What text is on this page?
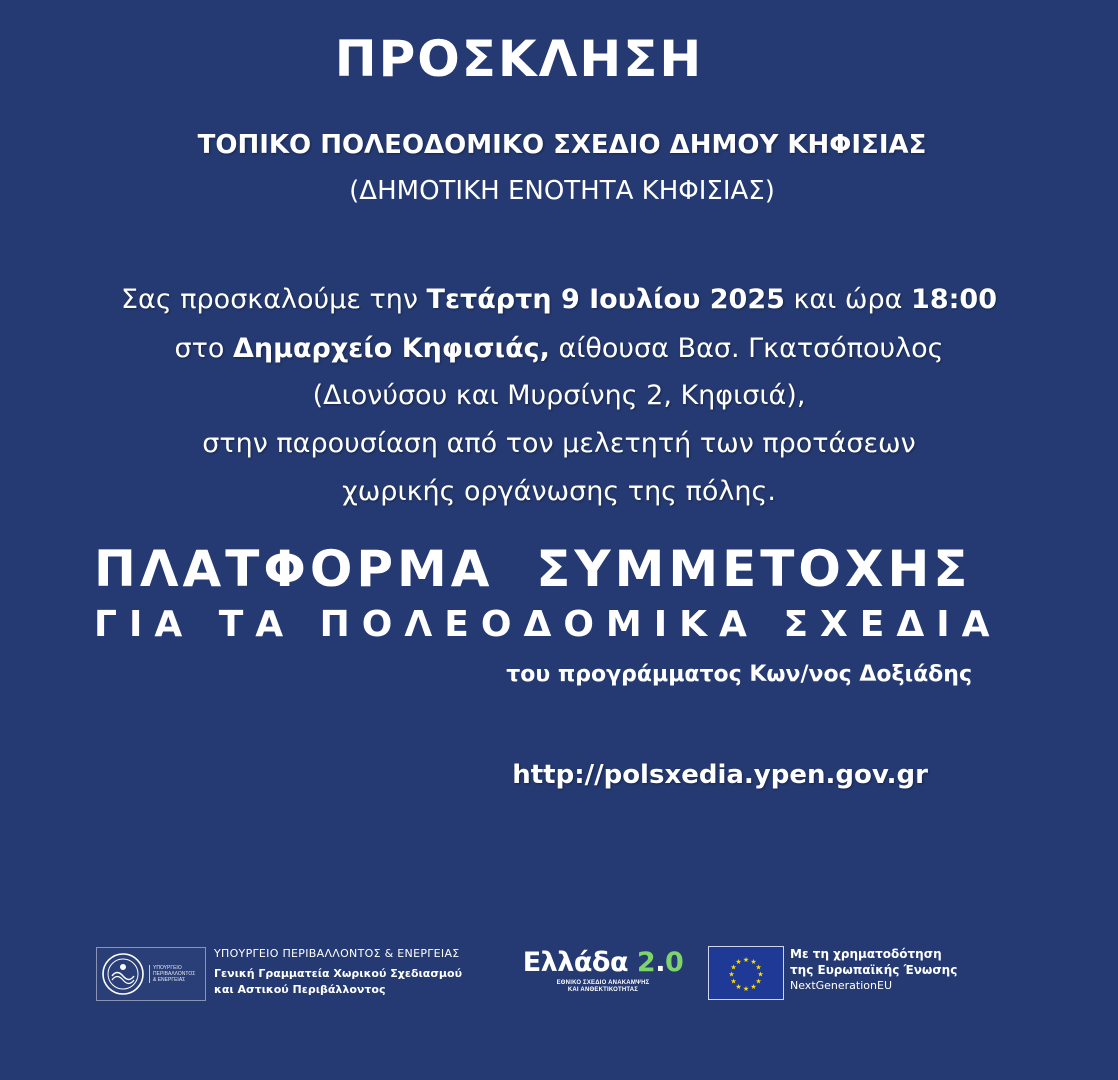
ΠΡΟΣΚΛΗΣΗ
ΤΟΠΙΚΟ ΠΟΛΕΟΔΟΜΙΚΟ ΣΧΕΔΙΟ ΔΗΜΟΥ ΚΗΦΙΣΙΑΣ
(ΔΗΜΟΤΙΚΗ ΕΝΟΤΗΤΑ ΚΗΦΙΣΙΑΣ)
Σας προσκαλούμε την Τετάρτη 9 Ιουλίου 2025 και ώρα 18:00
στο Δημαρχείο Κηφισιάς, αίθουσα Βασ. Γκατσόπουλος
(Διονύσου και Μυρσίνης 2, Κηφισιά),
στην παρουσίαση από τον μελετητή των προτάσεων
χωρικής οργάνωσης της πόλης.
ΠΛΑΤΦΟΡΜΑ  ΣΥΜΜΕΤΟΧΗΣ
ΓΙΑ ΤΑ ΠΟΛΕΟΔΟΜΙΚΑ ΣΧΕΔΙΑ
του προγράμματος Κων/νος Δοξιάδης
http://polsxedia.ypen.gov.gr
ΥΠΟΥΡΓΕΙΟ
ΠΕΡΙΒΑΛΛΟΝΤΟΣ
& ΕΝΕΡΓΕΙΑΣ
ΥΠΟΥΡΓΕΙΟ ΠΕΡΙΒΑΛΛΟΝΤΟΣ & ΕΝΕΡΓΕΙΑΣ
Γενική Γραμματεία Χωρικού Σχεδιασμού
και Αστικού Περιβάλλοντος
Ελλάδα 2.0
ΕΘΝΙΚΟ ΣΧΕΔΙΟ ΑΝΑΚΑΜΨΗΣ
ΚΑΙ ΑΝΘΕΚΤΙΚΟΤΗΤΑΣ
★ ★
★
★
★
★
★
★
★
★
★
★
Με τη χρηματοδότηση
της Ευρωπαϊκής Ένωσης
NextGenerationEU
